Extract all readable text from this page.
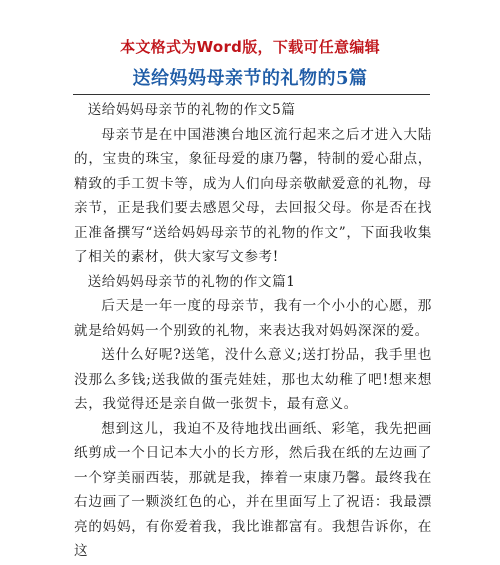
本文格式为Word版，下载可任意编辑
送给妈妈母亲节的礼物的5篇

送给妈妈母亲节的礼物的作文5篇

母亲节是在中国港澳台地区流行起来之后才进入大陆的，宝贵的珠宝，象征母爱的康乃馨，特制的爱心甜点，精致的手工贺卡等，成为人们向母亲敬献爱意的礼物，母亲节，正是我们要去感恩父母，去回报父母。你是否在找正准备撰写“送给妈妈母亲节的礼物的作文”，下面我收集了相关的素材，供大家写文参考!

送给妈妈母亲节的礼物的作文篇1

后天是一年一度的母亲节，我有一个小小的心愿，那就是给妈妈一个别致的礼物，来表达我对妈妈深深的爱。

送什么好呢?送笔，没什么意义;送打扮品，我手里也没那么多钱;送我做的蛋壳娃娃，那也太幼稚了吧!想来想去，我觉得还是亲自做一张贺卡，最有意义。

想到这儿，我迫不及待地找出画纸、彩笔，我先把画纸剪成一个日记本大小的长方形，然后我在纸的左边画了一个穿美丽西装，那就是我，捧着一束康乃馨。最终我在右边画了一颗淡红色的心，并在里面写上了祝语：我最漂亮的妈妈，有你爱着我，我比谁都富有。我想告诉你，在这
